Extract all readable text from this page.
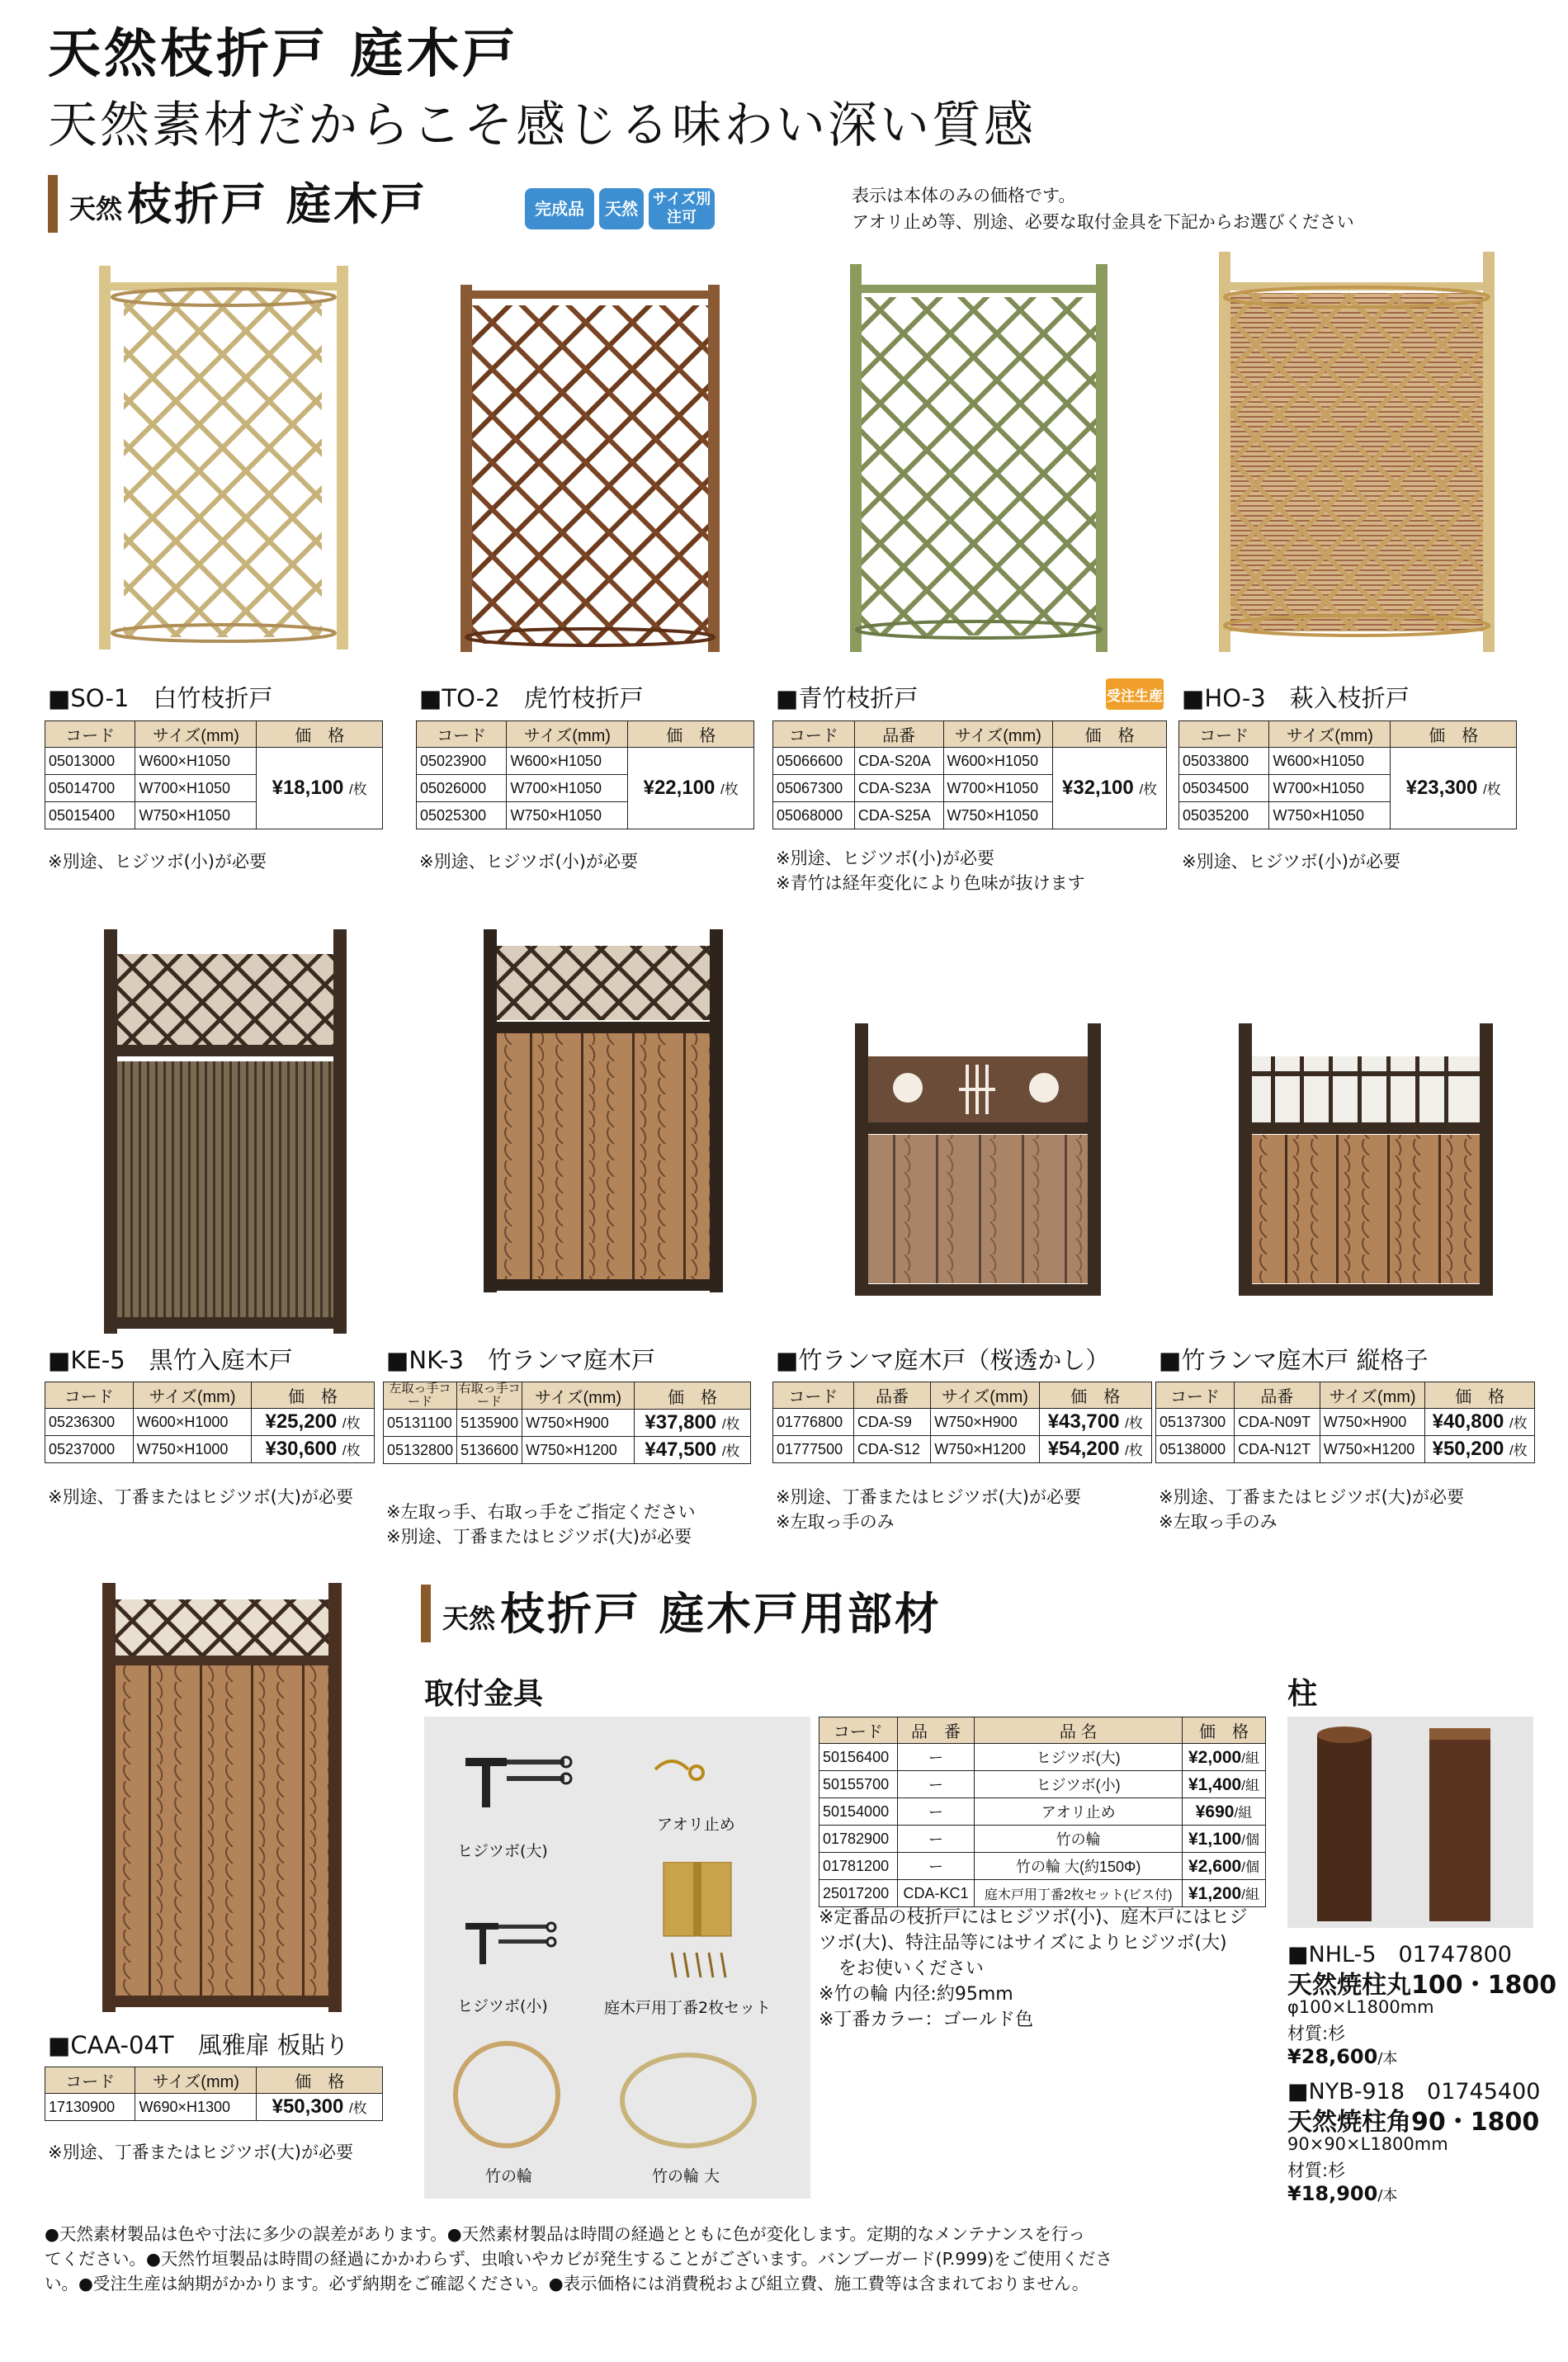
天然枝折戸 庭木戸
天然素材だからこそ感じる味わい深い質感
天然 枝折戸 庭木戸	完成品	天然 サイズ別注可
表示は本体のみの価格です。
アオリ止め等、別途、必要な取付金具を下記からお選びください
■SO-1　白竹枝折戸
コード	サイズ(mm)	価　格
05013000	W600×H1050	¥18,100 /枚
05014700	W700×H1050	
05015400	W750×H1050	
※別途、ヒジツボ(小)が必要
■TO-2　虎竹枝折戸
コード	サイズ(mm)	価　格
05023900	W600×H1050	¥22,100 /枚
05026000	W700×H1050	
05025300	W750×H1050	
※別途、ヒジツボ(小)が必要
■青竹枝折戸	受注生産
コード	品番	サイズ(mm)	価　格
05066600	CDA-S20A	W600×H1050	¥32,100 /枚
05067300	CDA-S23A	W700×H1050	
05068000	CDA-S25A	W750×H1050	
※別途、ヒジツボ(小)が必要
※青竹は経年変化により色味が抜けます
■HO-3　萩入枝折戸
コード	サイズ(mm)	価　格
05033800	W600×H1050	¥23,300 /枚
05034500	W700×H1050	
05035200	W750×H1050	
※別途、ヒジツボ(小)が必要
■KE-5　黒竹入庭木戸
コード	サイズ(mm)	価　格
05236300	W600×H1000	¥25,200 /枚
05237000	W750×H1000	¥30,600 /枚
※別途、丁番またはヒジツボ(大)が必要
■NK-3　竹ランマ庭木戸
左取っ手コード	右取っ手コード	サイズ(mm)	価　格
05131100	5135900	W750×H900	¥37,800 /枚
05132800	5136600	W750×H1200	¥47,500 /枚
※左取っ手、右取っ手をご指定ください
※別途、丁番またはヒジツボ(大)が必要
■竹ランマ庭木戸（桜透かし）
コード	品番	サイズ(mm)	価　格
01776800	CDA-S9	W750×H900	¥43,700 /枚
01777500	CDA-S12	W750×H1200	¥54,200 /枚
※別途、丁番またはヒジツボ(大)が必要
※左取っ手のみ
■竹ランマ庭木戸 縦格子
コード	品番	サイズ(mm)	価　格
05137300	CDA-N09T	W750×H900	¥40,800 /枚
05138000	CDA-N12T	W750×H1200	¥50,200 /枚
※別途、丁番またはヒジツボ(大)が必要
※左取っ手のみ
■CAA-04T　風雅扉 板貼り
コード	サイズ(mm)	価　格
17130900	W690×H1300	¥50,300 /枚
※別途、丁番またはヒジツボ(大)が必要
天然 枝折戸 庭木戸用部材
取付金具
ヒジツボ(大)
アオリ止め
ヒジツボ(小)	庭木戸用丁番2枚セット
竹の輪	竹の輪 大
コード	品　番	品 名	価　格
50156400	ー	ヒジツボ(大)	¥2,000/組
50155700	ー	ヒジツボ(小)	¥1,400/組
50154000	ー	アオリ止め	¥690/組
01782900	ー	竹の輪	¥1,100/個
01781200	ー	竹の輪 大(約150Φ)	¥2,600/個
25017200	CDA-KC1	庭木戸用丁番2枚セット(ビス付)	¥1,200/組
※定番品の枝折戸にはヒジツボ(小)、庭木戸にはヒジ
ツボ(大)、特注品等にはサイズによりヒジツボ(大)
をお使いください
※竹の輪 内径:約95mm
※丁番カラー：ゴールド色
柱
■NHL-5　01747800
天然焼柱丸100・1800
φ100×L1800mm
材質:杉
¥28,600/本
■NYB-918　01745400
天然焼柱角90・1800
90×90×L1800mm
材質:杉
¥18,900/本
●天然素材製品は色や寸法に多少の誤差があります。●天然素材製品は時間の経過とともに色が変化します。定期的なメンテナンスを行っ
てください。●天然竹垣製品は時間の経過にかかわらず、虫喰いやカビが発生することがございます。バンブーガード(P.999)をご使用くださ
い。●受注生産は納期がかかります。必ず納期をご確認ください。●表示価格には消費税および組立費、施工費等は含まれておりません。
